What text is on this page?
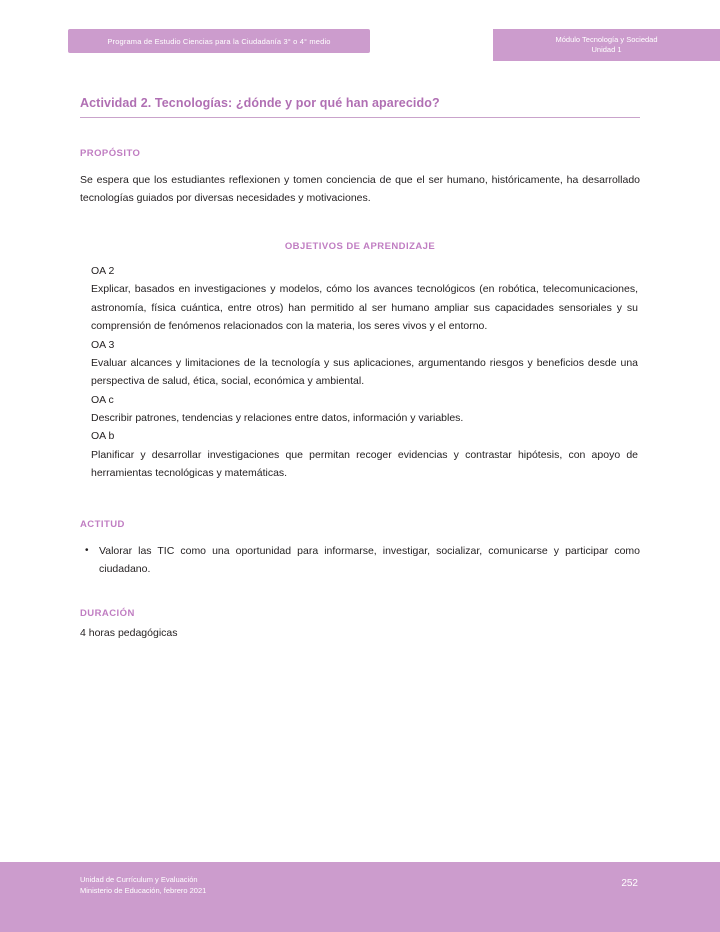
Programa de Estudio Ciencias para la Ciudadanía 3° o 4° medio	Módulo Tecnología y Sociedad
Unidad 1
Actividad 2. Tecnologías: ¿dónde y por qué han aparecido?
PROPÓSITO

Se espera que los estudiantes reflexionen y tomen conciencia de que el ser humano, históricamente, ha desarrollado tecnologías guiados por diversas necesidades y motivaciones.

OBJETIVOS DE APRENDIZAJE

OA 2

Explicar, basados en investigaciones y modelos, cómo los avances tecnológicos (en robótica, telecomunicaciones, astronomía, física cuántica, entre otros) han permitido al ser humano ampliar sus capacidades sensoriales y su comprensión de fenómenos relacionados con la materia, los seres vivos y el entorno.

OA 3

Evaluar alcances y limitaciones de la tecnología y sus aplicaciones, argumentando riesgos y beneficios desde una perspectiva de salud, ética, social, económica y ambiental.

OA c

Describir patrones, tendencias y relaciones entre datos, información y variables.

OA b

Planificar y desarrollar investigaciones que permitan recoger evidencias y contrastar hipótesis, con apoyo de herramientas tecnológicas y matemáticas.

ACTITUD
• Valorar las TIC como una oportunidad para informarse, investigar, socializar, comunicarse y participar como ciudadano.
DURACIÓN
4 horas pedagógicas
Unidad de Currículum y Evaluación
Ministerio de Educación, febrero 2021
252
